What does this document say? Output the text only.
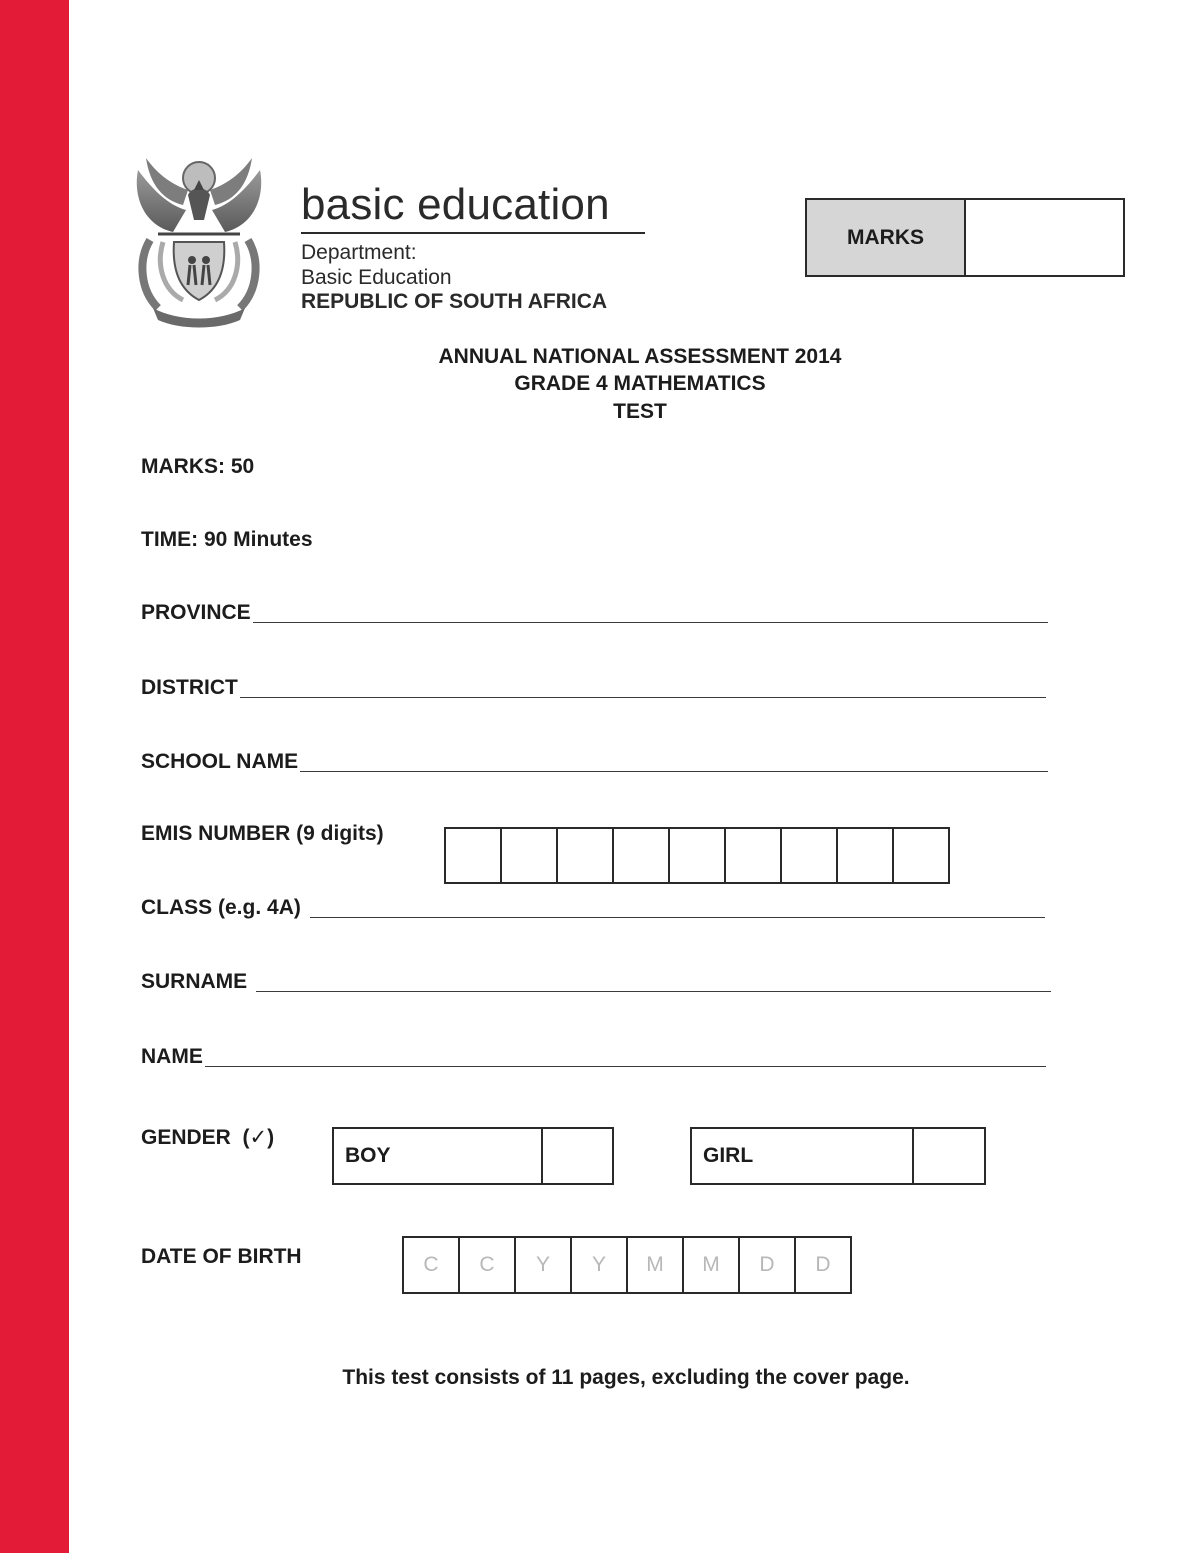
basic education
Department:
Basic Education
REPUBLIC OF SOUTH AFRICA
MARKS
ANNUAL NATIONAL ASSESSMENT 2014
GRADE 4 MATHEMATICS
TEST
MARKS: 50
TIME: 90 Minutes
PROVINCE
DISTRICT
SCHOOL NAME
EMIS NUMBER (9 digits)
CLASS (e.g. 4A)
SURNAME
NAME
GENDER  (✓)
BOY	GIRL
DATE OF BIRTH	C	C	Y	Y	M	M	D	D
This test consists of 11 pages, excluding the cover page.
